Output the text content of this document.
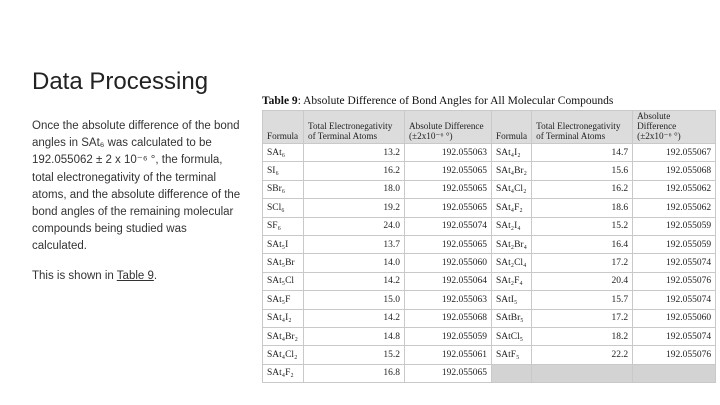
Data Processing

Once the absolute difference of the bond angles in SAt₆ was calculated to be 192.055062 ± 2 x 10⁻⁶ °, the formula, total electronegativity of the terminal atoms, and the absolute difference of the bond angles of the remaining molecular compounds being studied was calculated.

This is shown in Table 9.

Table 9: Absolute Difference of Bond Angles for All Molecular Compounds
Formula	Total Electronegativity of Terminal Atoms	Absolute Difference (±2x10⁻⁶ °)	Formula	Total Electronegativity of Terminal Atoms	Absolute Difference (±2x10⁻⁶ °)
SAt₆	13.2	192.055063	SAt₄I₂	14.7	192.055067
SI₆	16.2	192.055065	SAt₄Br₂	15.6	192.055068
SBr₆	18.0	192.055065	SAt₄Cl₂	16.2	192.055062
SCl₆	19.2	192.055065	SAt₄F₂	18.6	192.055062
SF₆	24.0	192.055074	SAt₂I₄	15.2	192.055059
SAt₅I	13.7	192.055065	SAt₂Br₄	16.4	192.055059
SAt₅Br	14.0	192.055060	SAt₂Cl₄	17.2	192.055074
SAt₅Cl	14.2	192.055064	SAt₂F₄	20.4	192.055076
SAt₅F	15.0	192.055063	SAtI₅	15.7	192.055074
SAt₄I₂	14.2	192.055068	SAtBr₅	17.2	192.055060
SAt₄Br₂	14.8	192.055059	SAtCl₅	18.2	192.055074
SAt₄Cl₂	15.2	192.055061	SAtF₅	22.2	192.055076
SAt₄F₂	16.8	192.055065			
